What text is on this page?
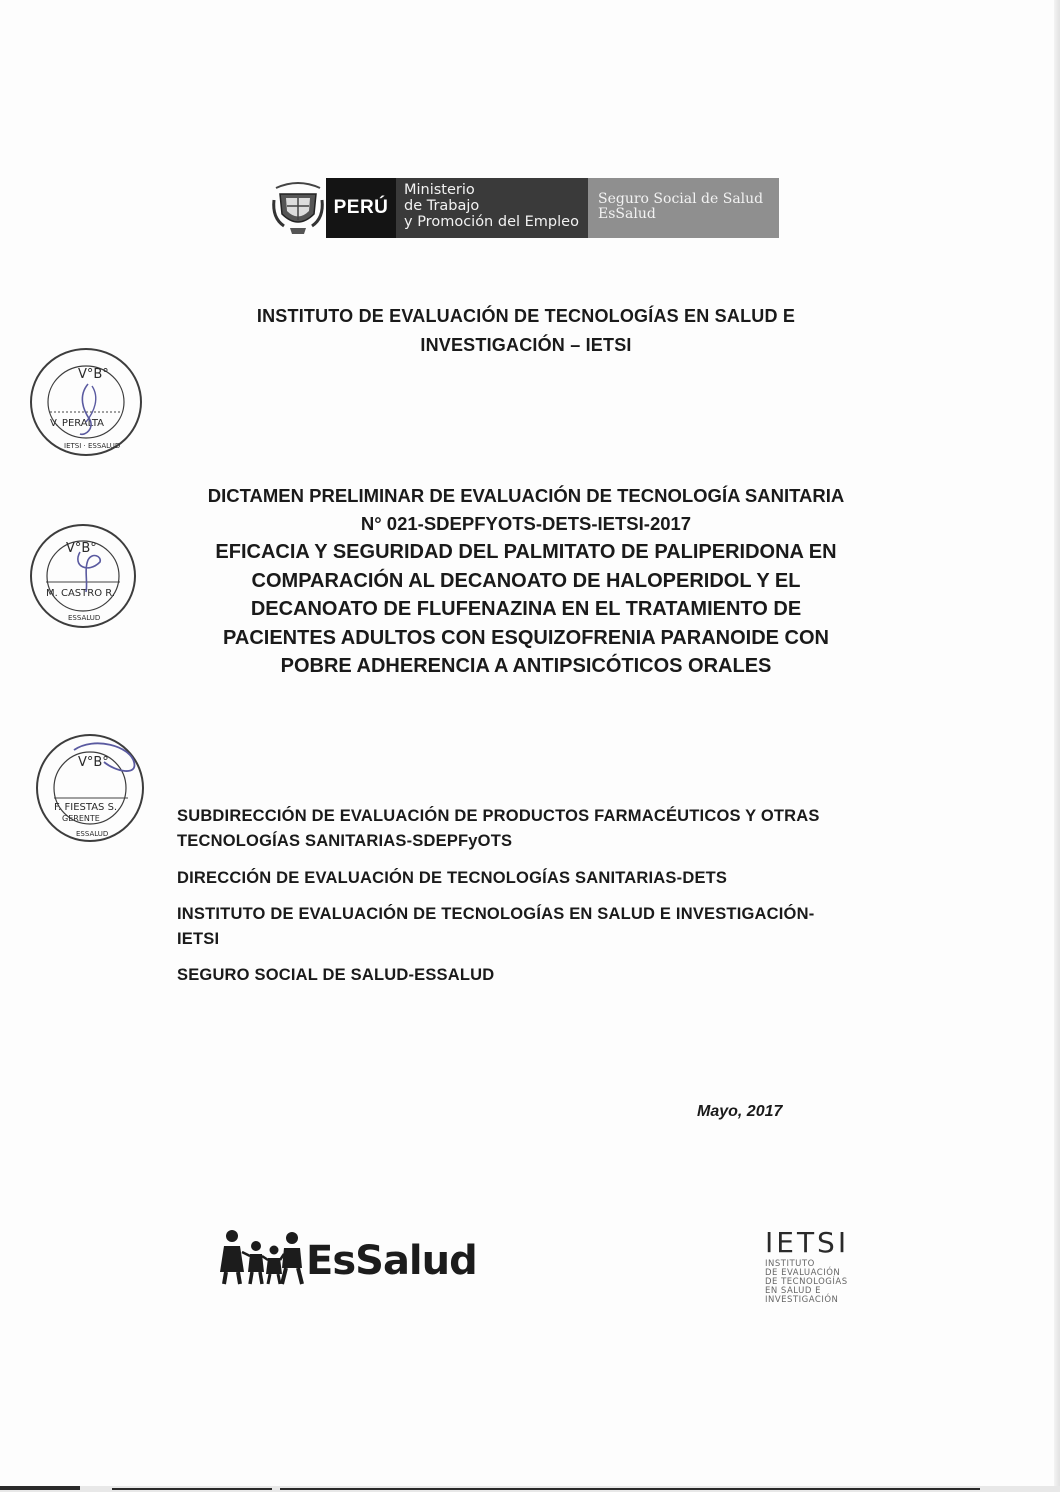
PERÚ
Ministerio
de Trabajo
y Promoción del Empleo
Seguro Social de Salud
EsSalud
INSTITUTO DE EVALUACIÓN DE TECNOLOGÍAS EN SALUD E
INVESTIGACIÓN – IETSI
V°B°
V. PERALTA
IETSI · ESSALUD
DICTAMEN PRELIMINAR DE EVALUACIÓN DE TECNOLOGÍA SANITARIA
N° 021-SDEPFYOTS-DETS-IETSI-2017
EFICACIA Y SEGURIDAD DEL PALMITATO DE PALIPERIDONA EN
COMPARACIÓN AL DECANOATO DE HALOPERIDOL Y EL
DECANOATO DE FLUFENAZINA EN EL TRATAMIENTO DE
PACIENTES ADULTOS CON ESQUIZOFRENIA PARANOIDE CON
POBRE ADHERENCIA A ANTIPSICÓTICOS ORALES
V°B°
M. CASTRO R.
ESSALUD
V°B°
F. FIESTAS S.
GERENTE
ESSALUD
SUBDIRECCIÓN DE EVALUACIÓN DE PRODUCTOS FARMACÉUTICOS Y OTRAS
TECNOLOGÍAS SANITARIAS-SDEPFyOTS
DIRECCIÓN DE EVALUACIÓN DE TECNOLOGÍAS SANITARIAS-DETS
INSTITUTO DE EVALUACIÓN DE TECNOLOGÍAS EN SALUD E INVESTIGACIÓN-
IETSI
SEGURO SOCIAL DE SALUD-ESSALUD
Mayo, 2017
EsSalud	IETSI
INSTITUTO
DE EVALUACIÓN
DE TECNOLOGÍAS
EN SALUD E
INVESTIGACIÓN
